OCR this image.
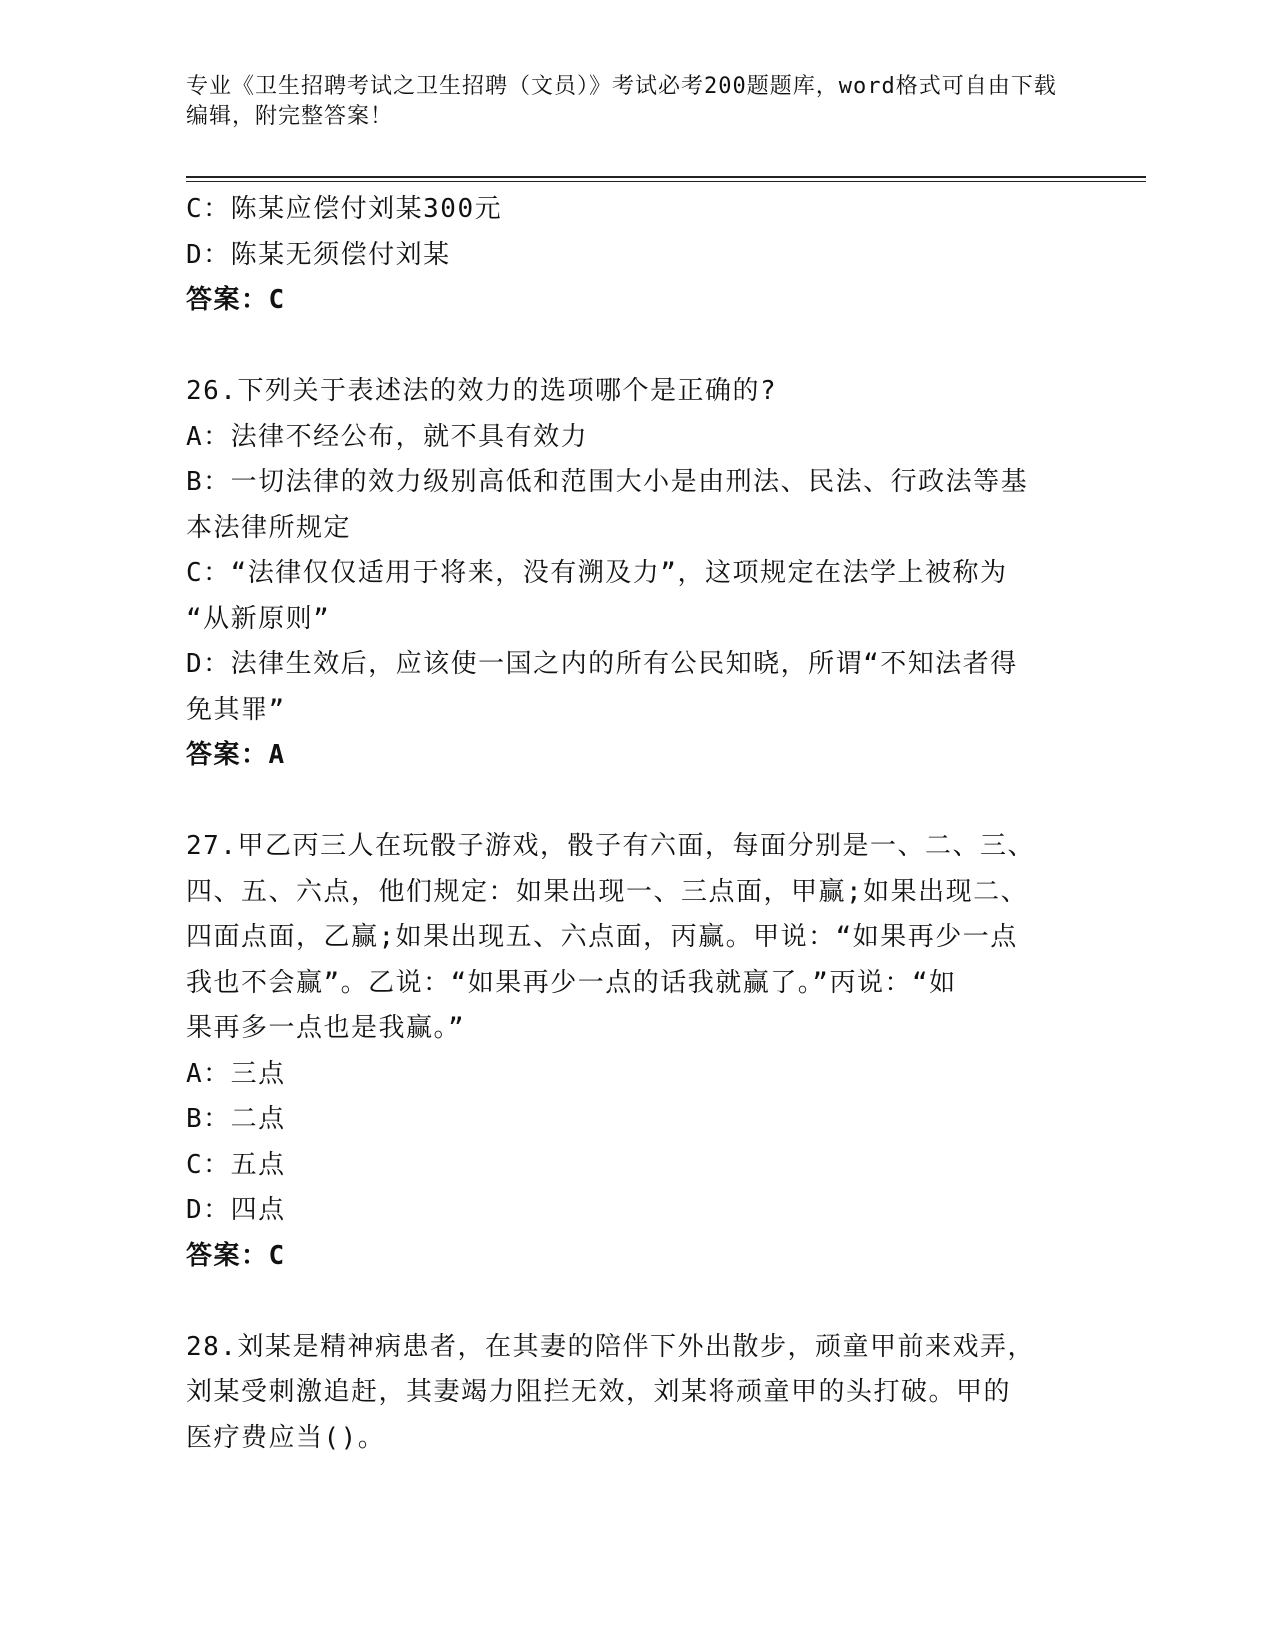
专业《卫生招聘考试之卫生招聘（文员）》考试必考200题题库，word格式可自由下载编辑，附完整答案！
C：陈某应偿付刘某300元
D：陈某无须偿付刘某
答案：C
26.下列关于表述法的效力的选项哪个是正确的?
A：法律不经公布，就不具有效力
B：一切法律的效力级别高低和范围大小是由刑法、民法、行政法等基
本法律所规定
C：“法律仅仅适用于将来，没有溯及力”，这项规定在法学上被称为
“从新原则”
D：法律生效后，应该使一国之内的所有公民知晓，所谓“不知法者得
免其罪”
答案：A
27.甲乙丙三人在玩骰子游戏，骰子有六面，每面分别是一、二、三、
四、五、六点，他们规定：如果出现一、三点面，甲赢;如果出现二、
四面点面，乙赢;如果出现五、六点面，丙赢。甲说：“如果再少一点
我也不会赢”。乙说：“如果再少一点的话我就赢了。”丙说：“如
果再多一点也是我赢。”
A：三点
B：二点
C：五点
D：四点
答案：C
28.刘某是精神病患者，在其妻的陪伴下外出散步，顽童甲前来戏弄，
刘某受刺激追赶，其妻竭力阻拦无效，刘某将顽童甲的头打破。甲的
医疗费应当()。
